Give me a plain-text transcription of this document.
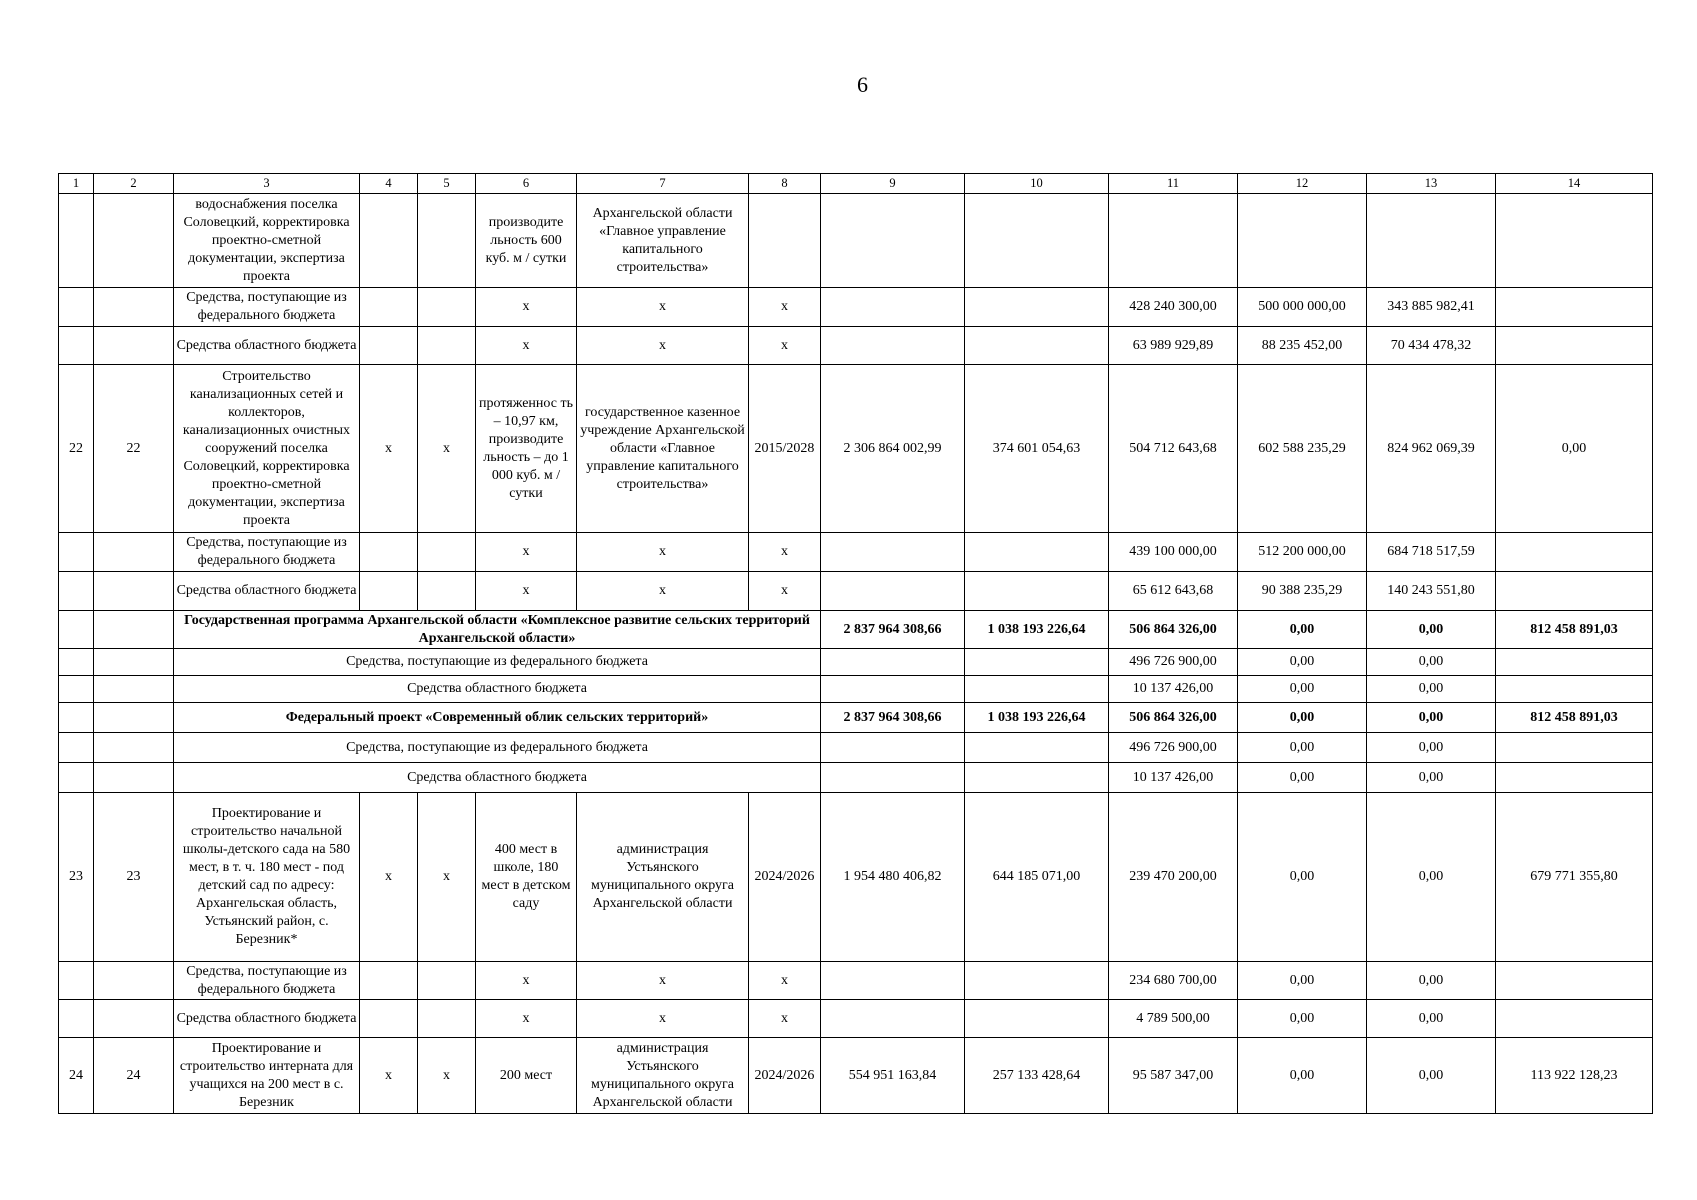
6
1	2	3	4	5	6	7	8	9	10	11	12	13	14
		водоснабжения поселка Соловецкий, корректировка проектно-сметной документации, экспертиза проекта			производите льность 600 куб. м / сутки	Архангельской области «Главное управление капитального строительства»							
		Средства, поступающие из федерального бюджета			х	х	х			428 240 300,00	500 000 000,00	343 885 982,41	
		Средства областного бюджета			х	х	х			63 989 929,89	88 235 452,00	70 434 478,32	
22	22	Строительство канализационных сетей и коллекторов, канализационных очистных сооружений поселка Соловецкий, корректировка проектно-сметной документации, экспертиза проекта	х	х	протяженнос ть – 10,97 км, производите льность – до 1 000 куб. м / сутки	государственное казенное учреждение Архангельской области «Главное управление капитального строительства»	2015/2028	2 306 864 002,99	374 601 054,63	504 712 643,68	602 588 235,29	824 962 069,39	0,00
		Средства, поступающие из федерального бюджета			х	х	х			439 100 000,00	512 200 000,00	684 718 517,59	
		Средства областного бюджета			х	х	х			65 612 643,68	90 388 235,29	140 243 551,80	
		Государственная программа Архангельской области «Комплексное развитие сельских территорий Архангельской области»						2 837 964 308,66	1 038 193 226,64	506 864 326,00	0,00	0,00	812 458 891,03
		Средства, поступающие из федерального бюджета								496 726 900,00	0,00	0,00	
		Средства областного бюджета								10 137 426,00	0,00	0,00	
		Федеральный проект «Современный облик сельских территорий»						2 837 964 308,66	1 038 193 226,64	506 864 326,00	0,00	0,00	812 458 891,03
		Средства, поступающие из федерального бюджета								496 726 900,00	0,00	0,00	
		Средства областного бюджета								10 137 426,00	0,00	0,00	
23	23	Проектирование и строительство начальной школы-детского сада на 580 мест, в т. ч. 180 мест - под детский сад по адресу: Архангельская область, Устьянский район, с. Березник*	х	х	400 мест в школе, 180 мест в детском саду	администрация Устьянского муниципального округа Архангельской области	2024/2026	1 954 480 406,82	644 185 071,00	239 470 200,00	0,00	0,00	679 771 355,80
		Средства, поступающие из федерального бюджета			х	х	х			234 680 700,00	0,00	0,00	
		Средства областного бюджета			х	х	х			4 789 500,00	0,00	0,00	
24	24	Проектирование и строительство интерната для учащихся на 200 мест в с. Березник	х	х	200 мест	администрация Устьянского муниципального округа Архангельской области	2024/2026	554 951 163,84	257 133 428,64	95 587 347,00	0,00	0,00	113 922 128,23
